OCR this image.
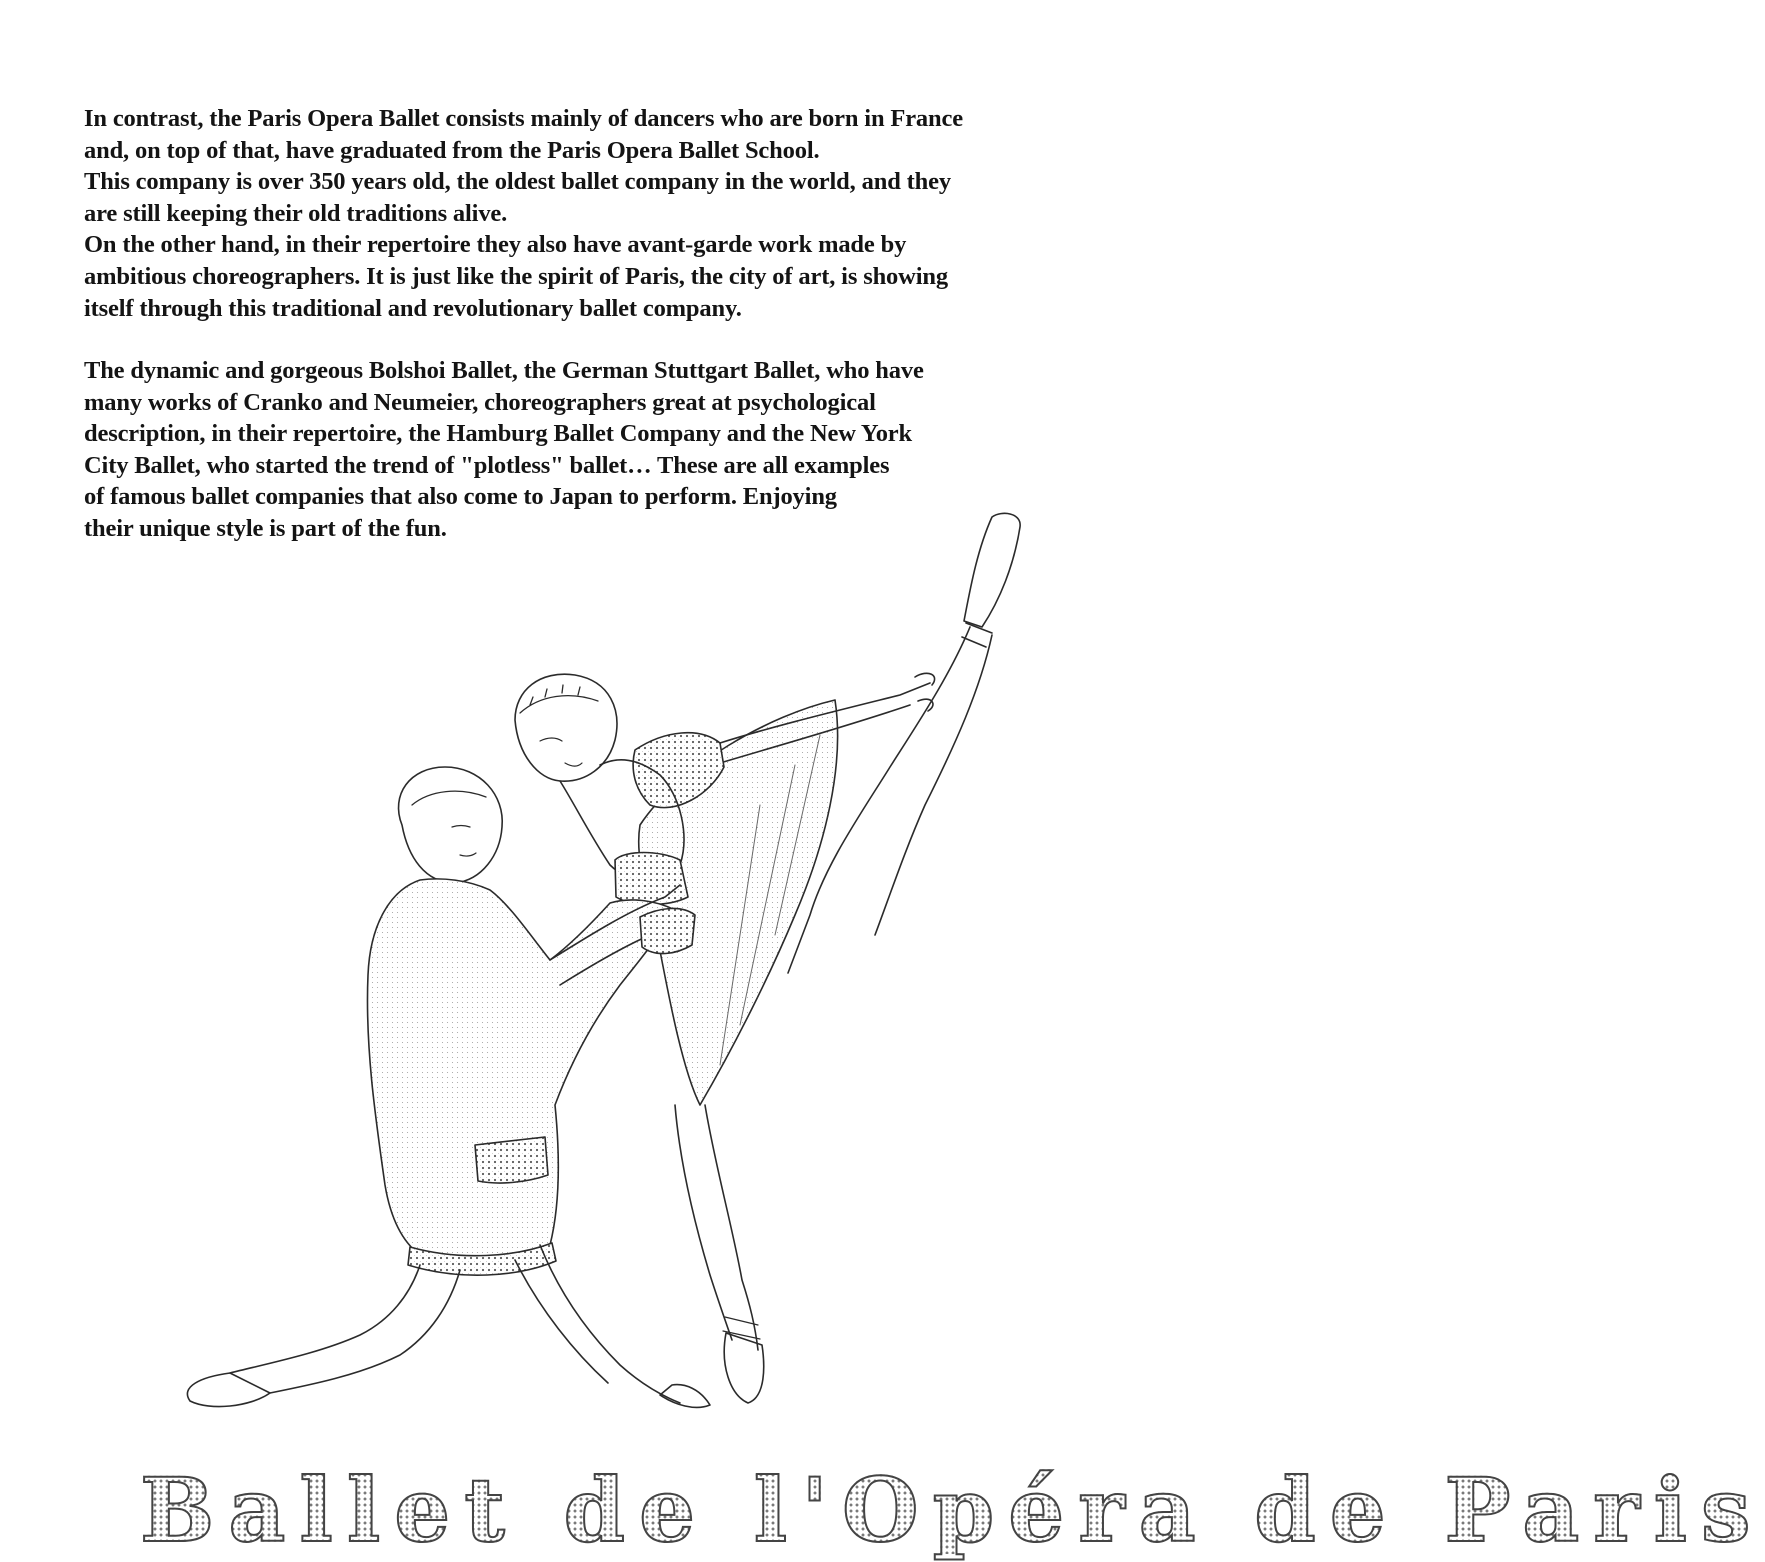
In contrast, the Paris Opera Ballet consists mainly of dancers who are born in France
and, on top of that, have graduated from the Paris Opera Ballet School.
This company is over 350 years old, the oldest ballet company in the world, and they
are still keeping their old traditions alive.
On the other hand, in their repertoire they also have avant-garde work made by
ambitious choreographers. It is just like the spirit of Paris, the city of art, is showing
itself through this traditional and revolutionary ballet company.
The dynamic and gorgeous Bolshoi Ballet, the German Stuttgart Ballet, who have
many works of Cranko and Neumeier, choreographers great at psychological
description, in their repertoire, the Hamburg Ballet Company and the New York
City Ballet, who started the trend of "plotless" ballet… These are all examples
of famous ballet companies that also come to Japan to perform. Enjoying
their unique style is part of the fun.
Ballet de l'Opéra de Paris
